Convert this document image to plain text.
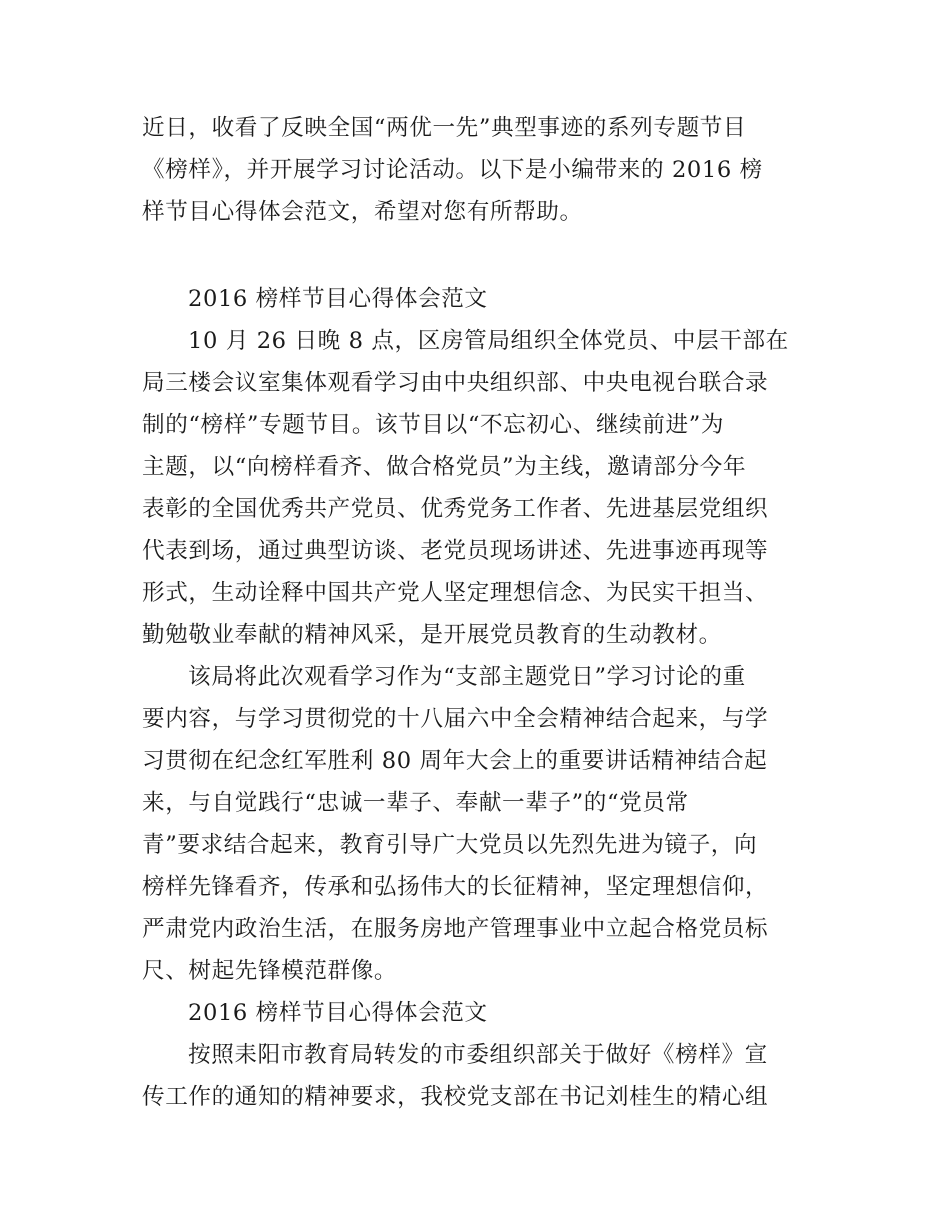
近日，收看了反映全国“两优一先”典型事迹的系列专题节目
《榜样》，并开展学习讨论活动。以下是小编带来的 2016 榜
样节目心得体会范文，希望对您有所帮助。
2016 榜样节目心得体会范文
10 月 26 日晚 8 点，区房管局组织全体党员、中层干部在
局三楼会议室集体观看学习由中央组织部、中央电视台联合录
制的“榜样”专题节目。该节目以“不忘初心、继续前进”为
主题，以“向榜样看齐、做合格党员”为主线，邀请部分今年
表彰的全国优秀共产党员、优秀党务工作者、先进基层党组织
代表到场，通过典型访谈、老党员现场讲述、先进事迹再现等
形式，生动诠释中国共产党人坚定理想信念、为民实干担当、
勤勉敬业奉献的精神风采，是开展党员教育的生动教材。
该局将此次观看学习作为“支部主题党日”学习讨论的重
要内容，与学习贯彻党的十八届六中全会精神结合起来，与学
习贯彻在纪念红军胜利 80 周年大会上的重要讲话精神结合起
来，与自觉践行“忠诚一辈子、奉献一辈子”的“党员常
青”要求结合起来，教育引导广大党员以先烈先进为镜子，向
榜样先锋看齐，传承和弘扬伟大的长征精神，坚定理想信仰，
严肃党内政治生活，在服务房地产管理事业中立起合格党员标
尺、树起先锋模范群像。
2016 榜样节目心得体会范文
按照耒阳市教育局转发的市委组织部关于做好《榜样》宣
传工作的通知的精神要求，我校党支部在书记刘桂生的精心组
